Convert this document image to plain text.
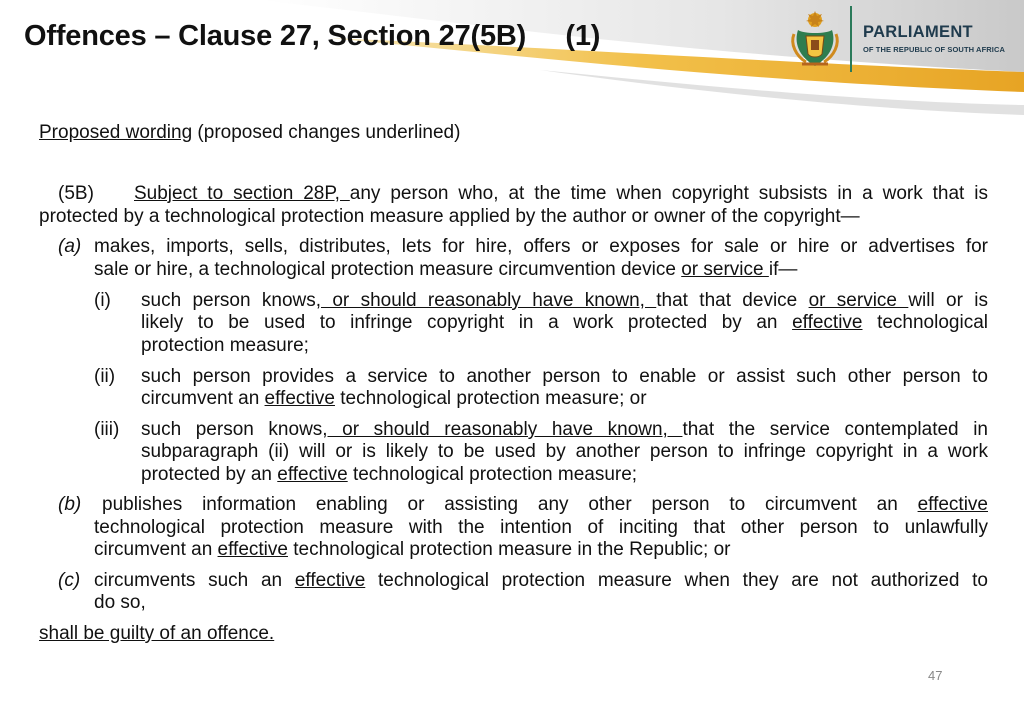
Offences – Clause 27, Section 27(5B)     (1)	PARLIAMENT
OF THE REPUBLIC OF SOUTH AFRICA
Proposed wording (proposed changes underlined)
(5B) Subject to section 28P, any person who, at the time when copyright subsists in a work that is
protected by a technological protection measure applied by the author or owner of the copyright—
(a) makes, imports, sells, distributes, lets for hire, offers or exposes for sale or hire or advertises for
sale or hire, a technological protection measure circumvention device or service if—
(i) such person knows, or should reasonably have known, that that device or service will or is
likely to be used to infringe copyright in a work protected by an effective technological
protection measure;
(ii) such person provides a service to another person to enable or assist such other person to
circumvent an effective technological protection measure; or
(iii) such person knows, or should reasonably have known, that the service contemplated in
subparagraph (ii) will or is likely to be used by another person to infringe copyright in a work
protected by an effective technological protection measure;
(b) publishes information enabling or assisting any other person to circumvent an effective
technological protection measure with the intention of inciting that other person to unlawfully
circumvent an effective technological protection measure in the Republic; or
(c) circumvents such an effective technological protection measure when they are not authorized to
do so,
shall be guilty of an offence.
47
